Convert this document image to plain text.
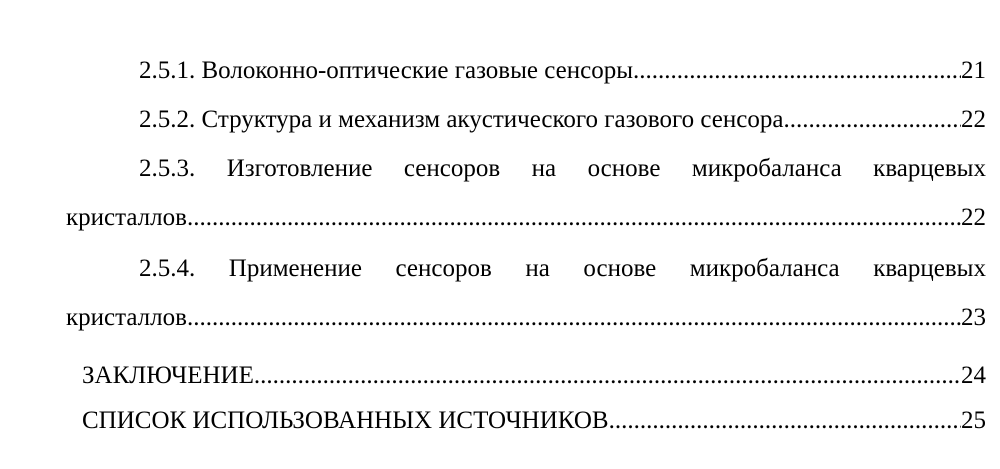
2.5.1. Волоконно-оптические газовые сенсоры .....	21
2.5.2. Структура и механизм акустического газового сенсора .....	22
2.5.3. Изготовление сенсоров на основе микробаланса кварцевых
кристаллов .....	22
2.5.4. Применение сенсоров на основе микробаланса кварцевых
кристаллов .....	23
ЗАКЛЮЧЕНИЕ .....	24
СПИСОК ИСПОЛЬЗОВАННЫХ ИСТОЧНИКОВ .....	25
